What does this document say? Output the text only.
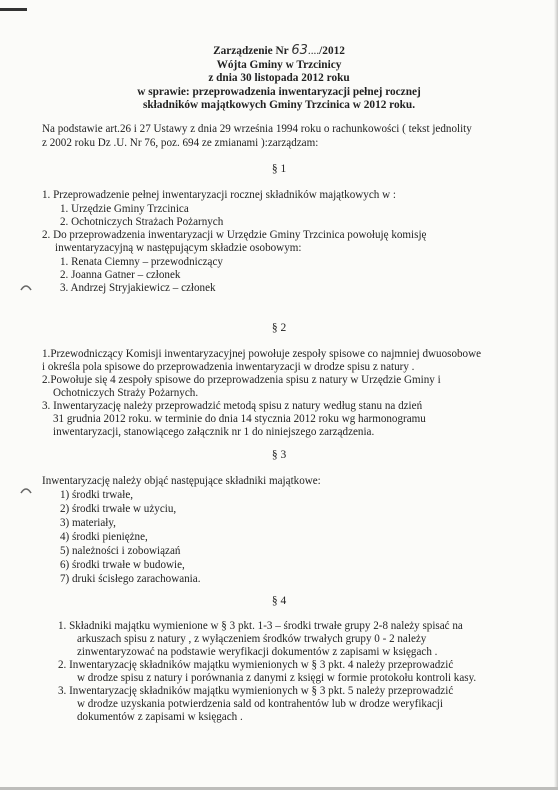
Zarządzenie Nr 63..../2012
Wójta Gminy w Trzcinicy
z dnia 30 listopada 2012 roku
w sprawie: przeprowadzenia inwentaryzacji pełnej rocznej
składników majątkowych Gminy Trzcinica w 2012 roku.
Na podstawie art.26 i 27 Ustawy z dnia 29 września 1994 roku o rachunkowości ( tekst jednolity
z 2002 roku Dz .U. Nr 76, poz. 694 ze zmianami ):zarządzam:
§ 1
1. Przeprowadzenie pełnej inwentaryzacji rocznej składników majątkowych w :
1. Urzędzie Gminy Trzcinica
2. Ochotniczych Strażach Pożarnych
2. Do przeprowadzenia inwentaryzacji w Urzędzie Gminy Trzcinica powołuję komisję
inwentaryzacyjną w następującym składzie osobowym:
1. Renata Ciemny – przewodniczący
2. Joanna Gatner – członek
3. Andrzej Stryjakiewicz – członek
§ 2
1.Przewodniczący Komisji inwentaryzacyjnej powołuje zespoły spisowe co najmniej dwuosobowe
i określa pola spisowe do przeprowadzenia inwentaryzacji w drodze spisu z natury .
2.Powołuje się 4 zespoły spisowe do przeprowadzenia spisu z natury w Urzędzie Gminy i
Ochotniczych Straży Pożarnych.
3. Inwentaryzację należy przeprowadzić metodą spisu z natury według stanu na dzień
31 grudnia 2012 roku. w terminie do dnia 14 stycznia 2012 roku wg harmonogramu
inwentaryzacji, stanowiącego załącznik nr 1 do niniejszego zarządzenia.
§ 3
Inwentaryzację należy objąć następujące składniki majątkowe:
1) środki trwałe,
2) środki trwałe w użyciu,
3) materiały,
4) środki pieniężne,
5) należności i zobowiązań
6) środki trwałe w budowie,
7) druki ścisłego zarachowania.
§ 4
1. Składniki majątku wymienione w § 3 pkt. 1-3 – środki trwałe grupy 2-8 należy spisać na
arkuszach spisu z natury , z wyłączeniem środków trwałych grupy 0 - 2 należy
zinwentaryzować na podstawie weryfikacji dokumentów z zapisami w księgach .
2. Inwentaryzację składników majątku wymienionych w § 3 pkt. 4 należy przeprowadzić
w drodze spisu z natury i porównania z danymi z księgi w formie protokołu kontroli kasy.
3. Inwentaryzację składników majątku wymienionych w § 3 pkt. 5 należy przeprowadzić
w drodze uzyskania potwierdzenia sald od kontrahentów lub w drodze weryfikacji
dokumentów z zapisami w księgach .
